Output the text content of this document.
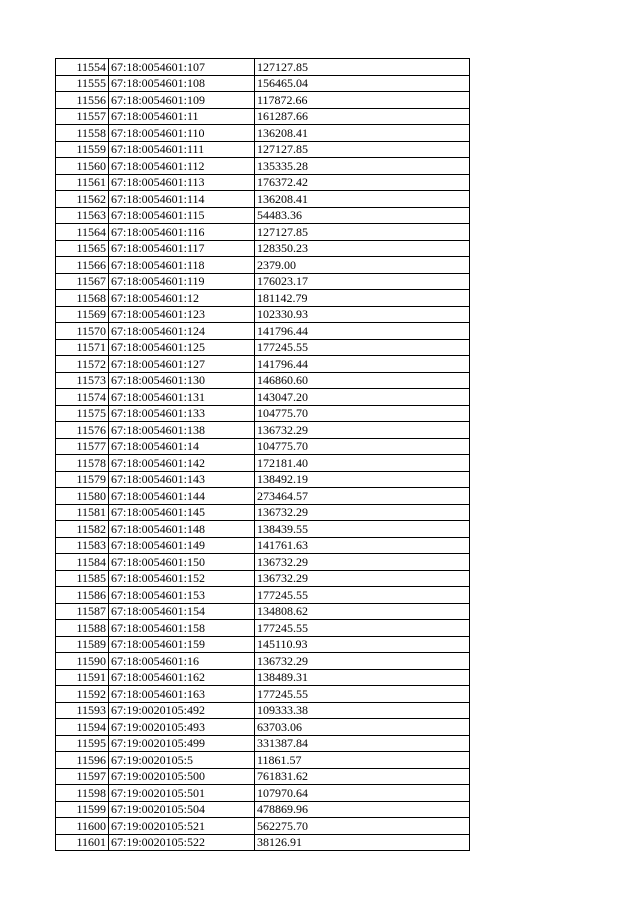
11554	67:18:0054601:107	127127.85
11555	67:18:0054601:108	156465.04
11556	67:18:0054601:109	117872.66
11557	67:18:0054601:11	161287.66
11558	67:18:0054601:110	136208.41
11559	67:18:0054601:111	127127.85
11560	67:18:0054601:112	135335.28
11561	67:18:0054601:113	176372.42
11562	67:18:0054601:114	136208.41
11563	67:18:0054601:115	54483.36
11564	67:18:0054601:116	127127.85
11565	67:18:0054601:117	128350.23
11566	67:18:0054601:118	2379.00
11567	67:18:0054601:119	176023.17
11568	67:18:0054601:12	181142.79
11569	67:18:0054601:123	102330.93
11570	67:18:0054601:124	141796.44
11571	67:18:0054601:125	177245.55
11572	67:18:0054601:127	141796.44
11573	67:18:0054601:130	146860.60
11574	67:18:0054601:131	143047.20
11575	67:18:0054601:133	104775.70
11576	67:18:0054601:138	136732.29
11577	67:18:0054601:14	104775.70
11578	67:18:0054601:142	172181.40
11579	67:18:0054601:143	138492.19
11580	67:18:0054601:144	273464.57
11581	67:18:0054601:145	136732.29
11582	67:18:0054601:148	138439.55
11583	67:18:0054601:149	141761.63
11584	67:18:0054601:150	136732.29
11585	67:18:0054601:152	136732.29
11586	67:18:0054601:153	177245.55
11587	67:18:0054601:154	134808.62
11588	67:18:0054601:158	177245.55
11589	67:18:0054601:159	145110.93
11590	67:18:0054601:16	136732.29
11591	67:18:0054601:162	138489.31
11592	67:18:0054601:163	177245.55
11593	67:19:0020105:492	109333.38
11594	67:19:0020105:493	63703.06
11595	67:19:0020105:499	331387.84
11596	67:19:0020105:5	11861.57
11597	67:19:0020105:500	761831.62
11598	67:19:0020105:501	107970.64
11599	67:19:0020105:504	478869.96
11600	67:19:0020105:521	562275.70
11601	67:19:0020105:522	38126.91
